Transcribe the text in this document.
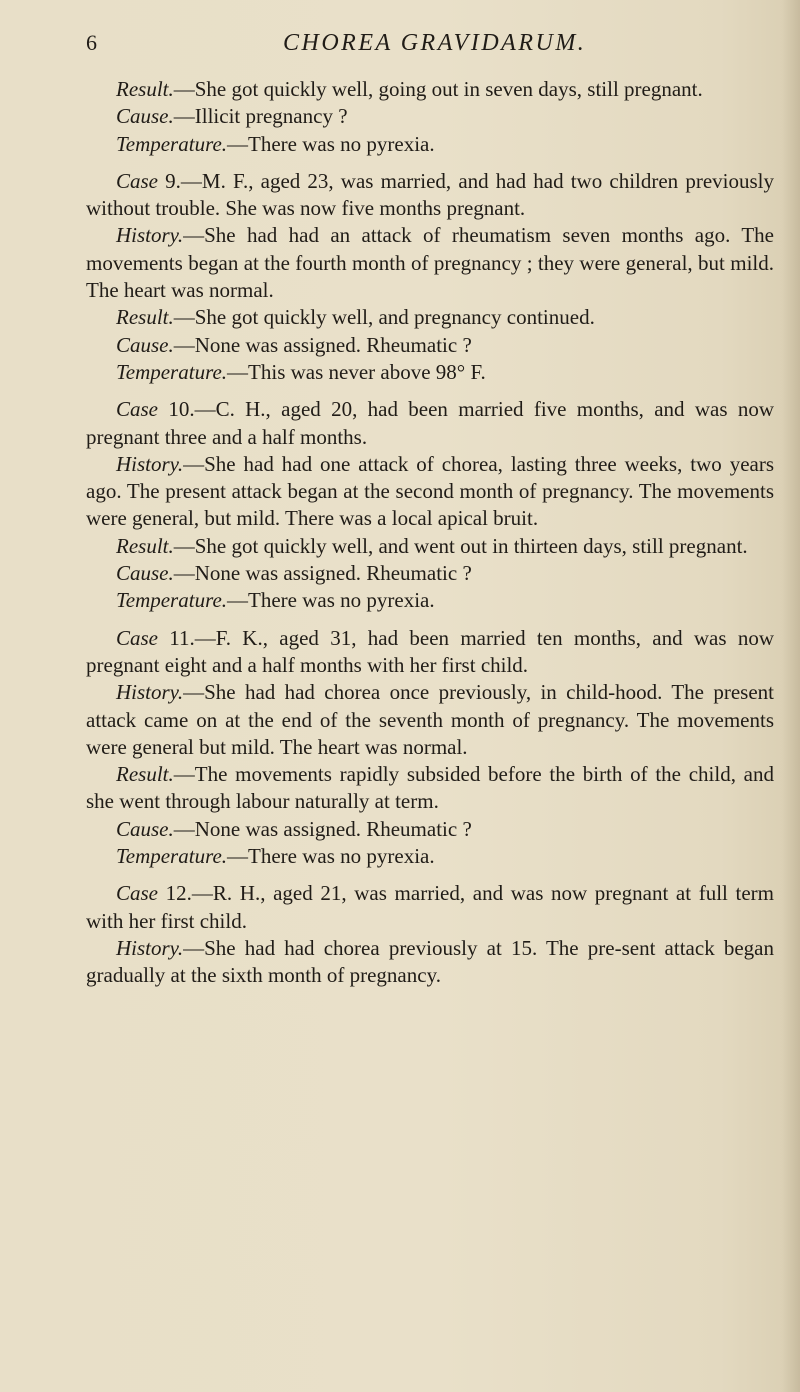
6	CHOREA GRAVIDARUM.

Result.—She got quickly well, going out in seven days, still pregnant.

Cause.—Illicit pregnancy ?

Temperature.—There was no pyrexia.

Case 9.—M. F., aged 23, was married, and had had two children previously without trouble. She was now five months pregnant.

History.—She had had an attack of rheumatism seven months ago. The movements began at the fourth month of pregnancy ; they were general, but mild. The heart was normal.

Result.—She got quickly well, and pregnancy continued.

Cause.—None was assigned. Rheumatic ?

Temperature.—This was never above 98° F.

Case 10.—C. H., aged 20, had been married five months, and was now pregnant three and a half months.

History.—She had had one attack of chorea, lasting three weeks, two years ago. The present attack began at the second month of pregnancy. The movements were general, but mild. There was a local apical bruit.

Result.—She got quickly well, and went out in thirteen days, still pregnant.

Cause.—None was assigned. Rheumatic ?

Temperature.—There was no pyrexia.

Case 11.—F. K., aged 31, had been married ten months, and was now pregnant eight and a half months with her first child.

History.—She had had chorea once previously, in child-hood. The present attack came on at the end of the seventh month of pregnancy. The movements were general but mild. The heart was normal.

Result.—The movements rapidly subsided before the birth of the child, and she went through labour naturally at term.

Cause.—None was assigned. Rheumatic ?

Temperature.—There was no pyrexia.

Case 12.—R. H., aged 21, was married, and was now pregnant at full term with her first child.

History.—She had had chorea previously at 15. The pre-sent attack began gradually at the sixth month of pregnancy.
